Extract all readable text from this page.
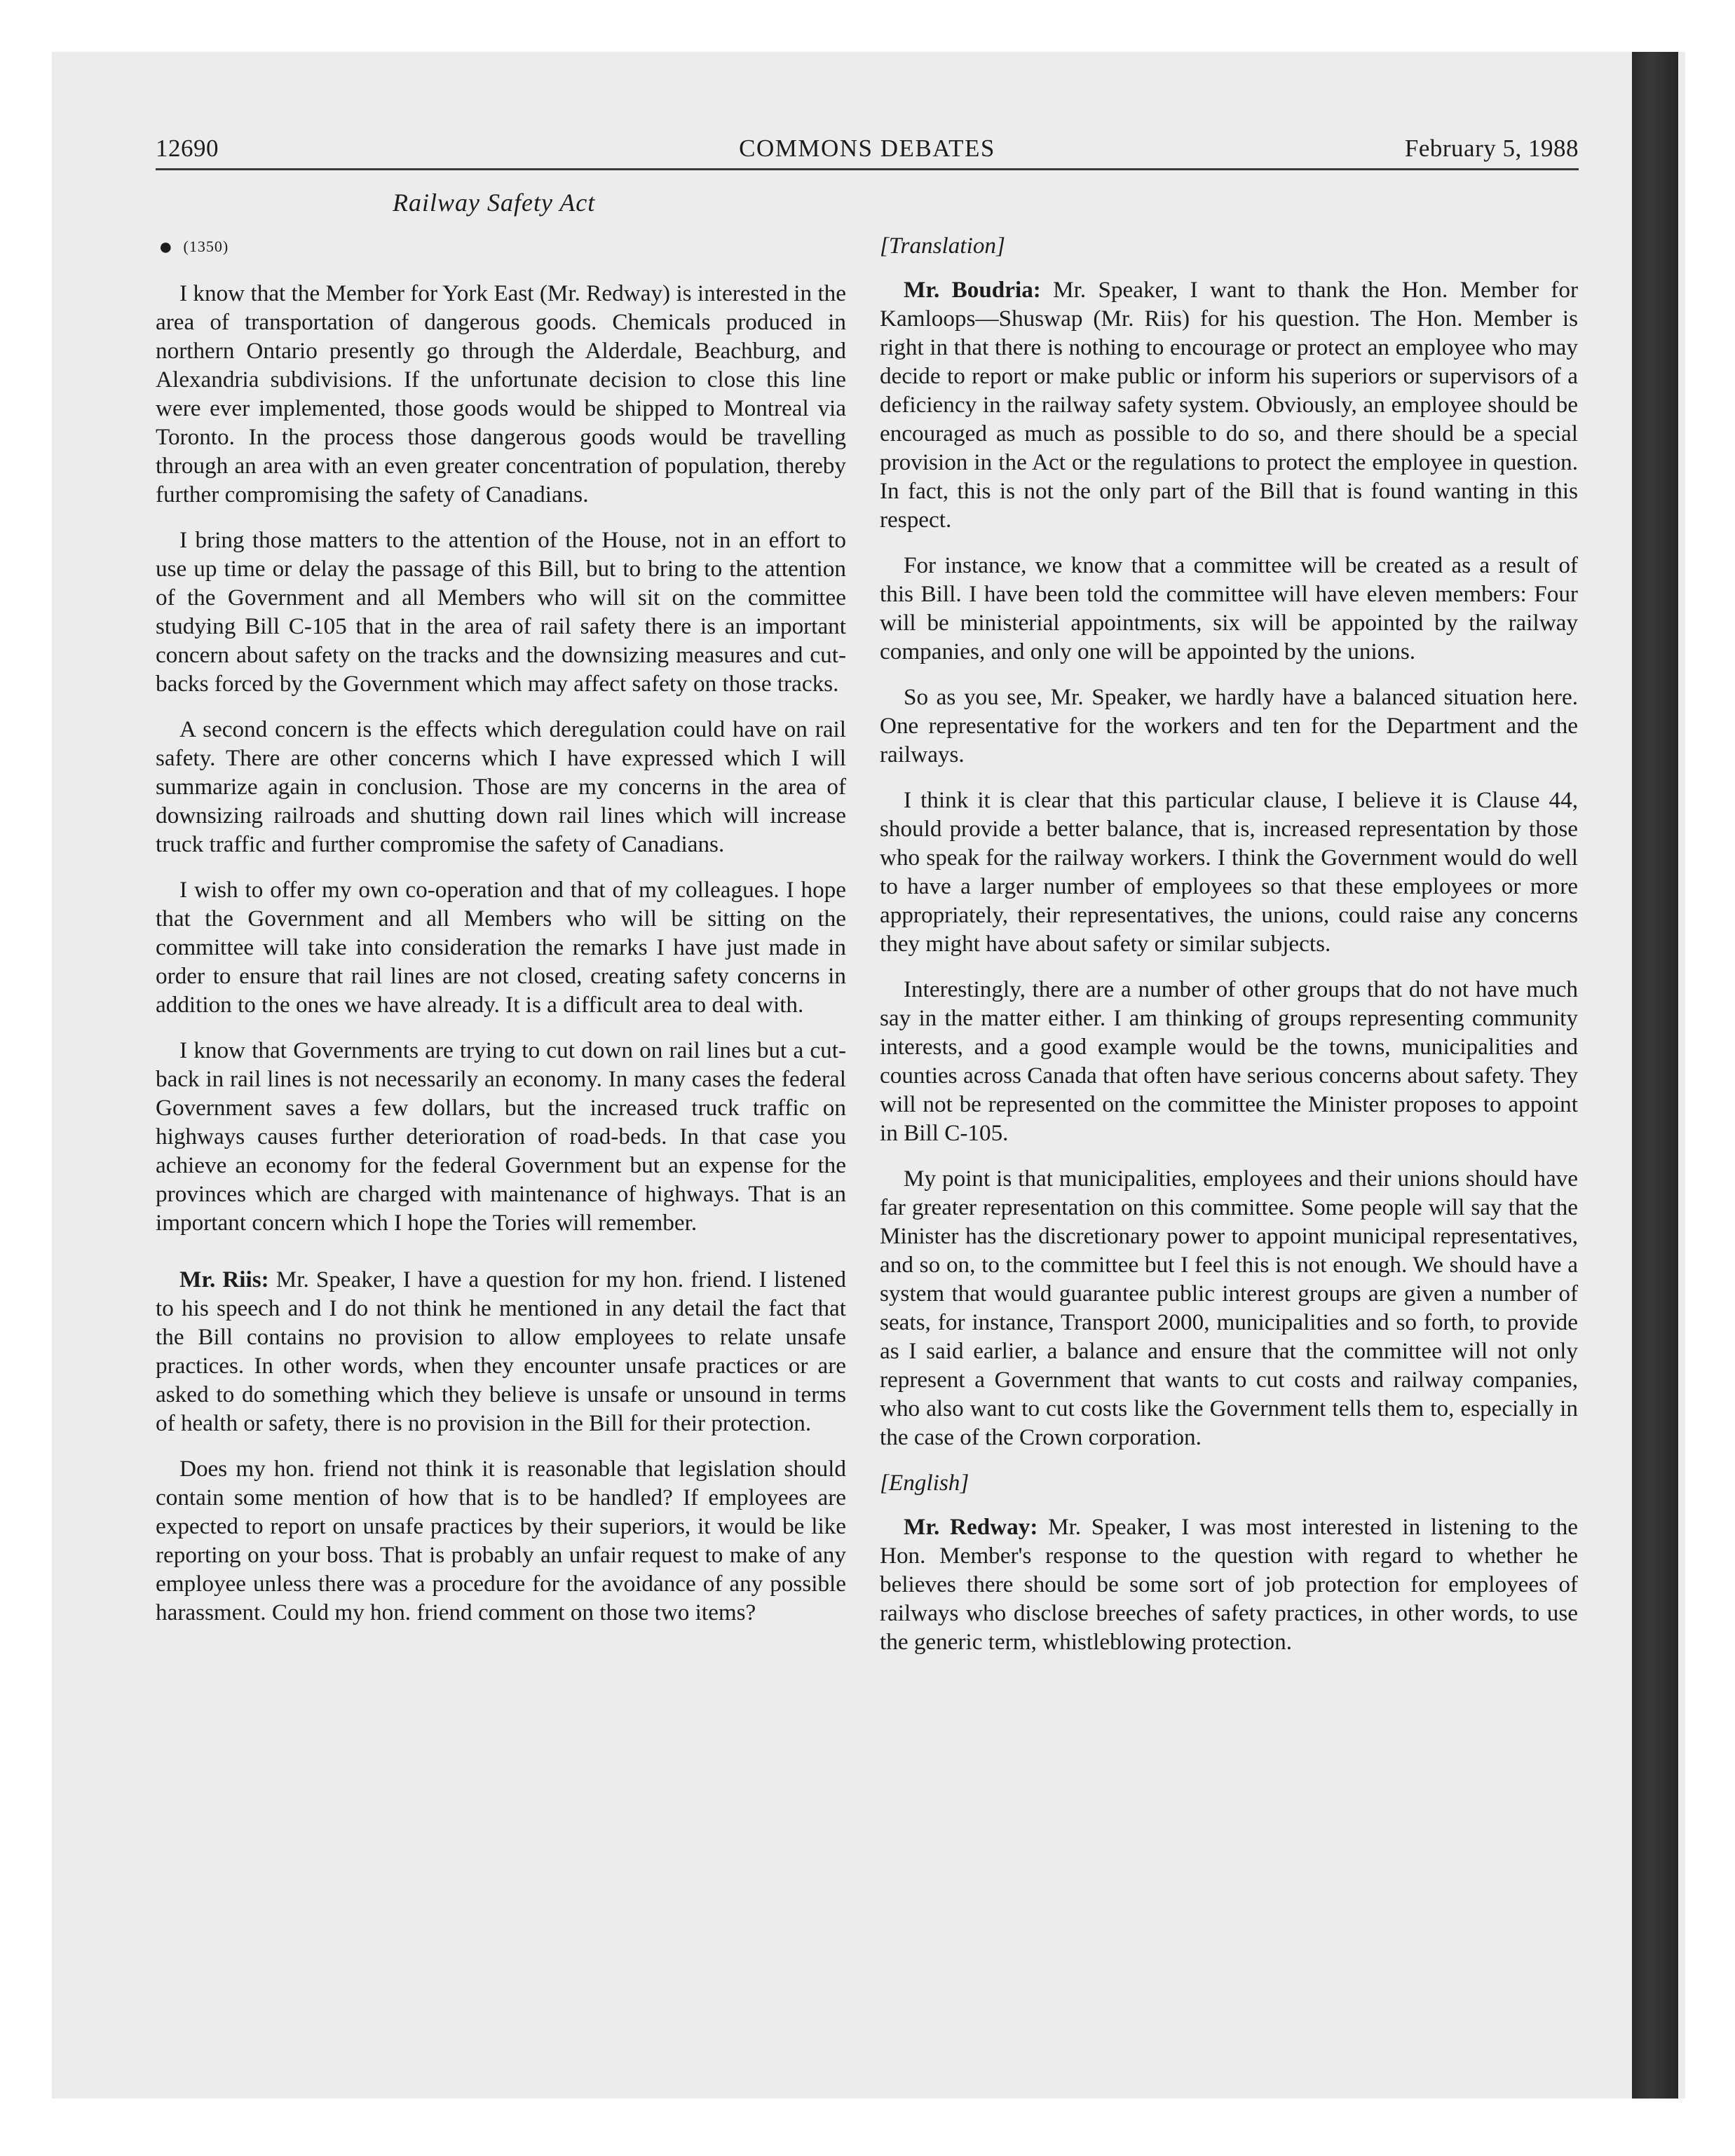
12690	COMMONS DEBATES	February 5, 1988
Railway Safety Act
● (1350)

I know that the Member for York East (Mr. Redway) is interested in the area of transportation of dangerous goods. Chemicals produced in northern Ontario presently go through the Alderdale, Beachburg, and Alexandria subdivisions. If the unfortunate decision to close this line were ever implemented, those goods would be shipped to Montreal via Toronto. In the process those dangerous goods would be travelling through an area with an even greater concentration of population, thereby further compromising the safety of Canadians.

I bring those matters to the attention of the House, not in an effort to use up time or delay the passage of this Bill, but to bring to the attention of the Government and all Members who will sit on the committee studying Bill C-105 that in the area of rail safety there is an important concern about safety on the tracks and the downsizing measures and cut-backs forced by the Government which may affect safety on those tracks.

A second concern is the effects which deregulation could have on rail safety. There are other concerns which I have expressed which I will summarize again in conclusion. Those are my concerns in the area of downsizing railroads and shutting down rail lines which will increase truck traffic and further compromise the safety of Canadians.

I wish to offer my own co-operation and that of my colleagues. I hope that the Government and all Members who will be sitting on the committee will take into consideration the remarks I have just made in order to ensure that rail lines are not closed, creating safety concerns in addition to the ones we have already. It is a difficult area to deal with.

I know that Governments are trying to cut down on rail lines but a cut-back in rail lines is not necessarily an economy. In many cases the federal Government saves a few dollars, but the increased truck traffic on highways causes further deterioration of road-beds. In that case you achieve an economy for the federal Government but an expense for the provinces which are charged with maintenance of highways. That is an important concern which I hope the Tories will remember.

Mr. Riis: Mr. Speaker, I have a question for my hon. friend. I listened to his speech and I do not think he mentioned in any detail the fact that the Bill contains no provision to allow employees to relate unsafe practices. In other words, when they encounter unsafe practices or are asked to do something which they believe is unsafe or unsound in terms of health or safety, there is no provision in the Bill for their protection.

Does my hon. friend not think it is reasonable that legislation should contain some mention of how that is to be handled? If employees are expected to report on unsafe practices by their superiors, it would be like reporting on your boss. That is probably an unfair request to make of any employee unless there was a procedure for the avoidance of any possible harassment. Could my hon. friend comment on those two items?

[Translation]

Mr. Boudria: Mr. Speaker, I want to thank the Hon. Member for Kamloops—Shuswap (Mr. Riis) for his question. The Hon. Member is right in that there is nothing to encourage or protect an employee who may decide to report or make public or inform his superiors or supervisors of a deficiency in the railway safety system. Obviously, an employee should be encouraged as much as possible to do so, and there should be a special provision in the Act or the regulations to protect the employee in question. In fact, this is not the only part of the Bill that is found wanting in this respect.

For instance, we know that a committee will be created as a result of this Bill. I have been told the committee will have eleven members: Four will be ministerial appointments, six will be appointed by the railway companies, and only one will be appointed by the unions.

So as you see, Mr. Speaker, we hardly have a balanced situation here. One representative for the workers and ten for the Department and the railways.

I think it is clear that this particular clause, I believe it is Clause 44, should provide a better balance, that is, increased representation by those who speak for the railway workers. I think the Government would do well to have a larger number of employees so that these employees or more appropriately, their representatives, the unions, could raise any concerns they might have about safety or similar subjects.

Interestingly, there are a number of other groups that do not have much say in the matter either. I am thinking of groups representing community interests, and a good example would be the towns, municipalities and counties across Canada that often have serious concerns about safety. They will not be represented on the committee the Minister proposes to appoint in Bill C-105.

My point is that municipalities, employees and their unions should have far greater representation on this committee. Some people will say that the Minister has the discretionary power to appoint municipal representatives, and so on, to the committee but I feel this is not enough. We should have a system that would guarantee public interest groups are given a number of seats, for instance, Transport 2000, municipalities and so forth, to provide as I said earlier, a balance and ensure that the committee will not only represent a Government that wants to cut costs and railway companies, who also want to cut costs like the Government tells them to, especially in the case of the Crown corporation.

[English]

Mr. Redway: Mr. Speaker, I was most interested in listening to the Hon. Member's response to the question with regard to whether he believes there should be some sort of job protection for employees of railways who disclose breeches of safety practices, in other words, to use the generic term, whistleblowing protection.
